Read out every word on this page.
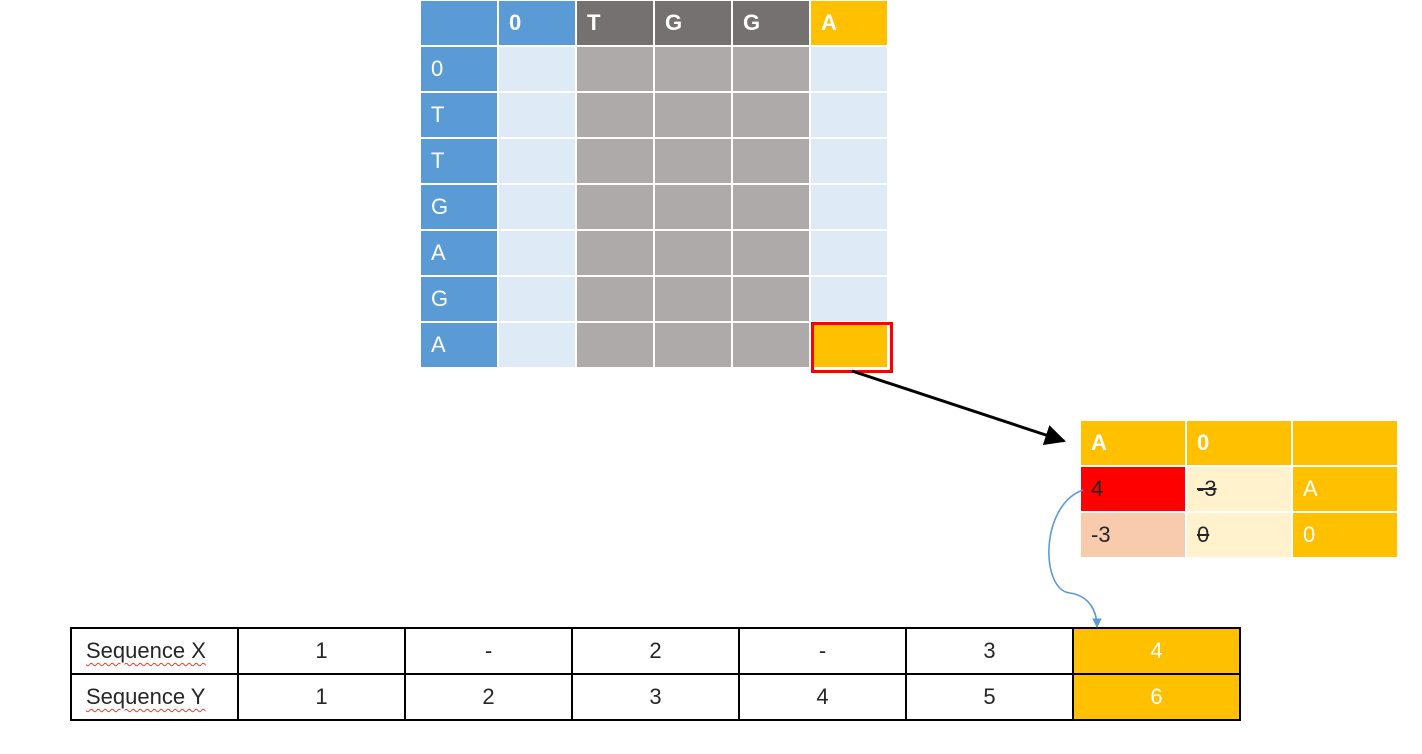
	0	T	G	G	A
0					
T					
T					
G					
A					
G					
A					
A	0	
4	-3	A
-3	0	0
Sequence X	1	-	2	-	3	4
Sequence Y	1	2	3	4	5	6
